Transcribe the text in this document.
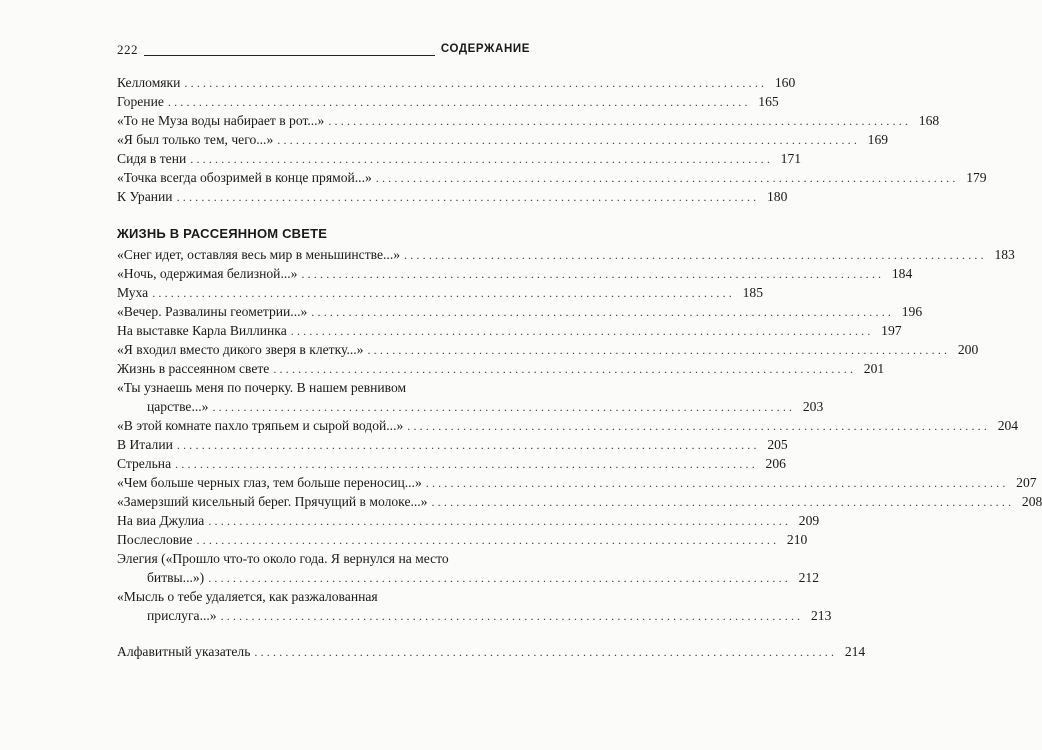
222	СОДЕРЖАНИЕ
Келломяки .............................................................................................. 160
Горение .............................................................................................. 165
«То не Муза воды набирает в рот...» .............................................................................................. 168
«Я был только тем, чего...» .............................................................................................. 169
Сидя в тени .............................................................................................. 171
«Точка всегда обозримей в конце прямой...» .............................................................................................. 179
К Урании .............................................................................................. 180
ЖИЗНЬ В РАССЕЯННОМ СВЕТЕ
«Снег идет, оставляя весь мир в меньшинстве...» .............................................................................................. 183
«Ночь, одержимая белизной...» .............................................................................................. 184
Муха .............................................................................................. 185
«Вечер. Развалины геометрии...» .............................................................................................. 196
На выставке Карла Виллинка .............................................................................................. 197
«Я входил вместо дикого зверя в клетку...» .............................................................................................. 200
Жизнь в рассеянном свете .............................................................................................. 201
«Ты узнаешь меня по почерку. В нашем ревнивом
царстве...» .............................................................................................. 203
«В этой комнате пахло тряпьем и сырой водой...» .............................................................................................. 204
В Италии .............................................................................................. 205
Стрельна .............................................................................................. 206
«Чем больше черных глаз, тем больше переносиц...» .............................................................................................. 207
«Замерзший кисельный берег. Прячущий в молоке...» .............................................................................................. 208
На виа Джулиа .............................................................................................. 209
Послесловие .............................................................................................. 210
Элегия («Прошло что-то около года. Я вернулся на место
битвы...») .............................................................................................. 212
«Мысль о тебе удаляется, как разжалованная
прислуга...» .............................................................................................. 213
Алфавитный указатель .............................................................................................. 214
